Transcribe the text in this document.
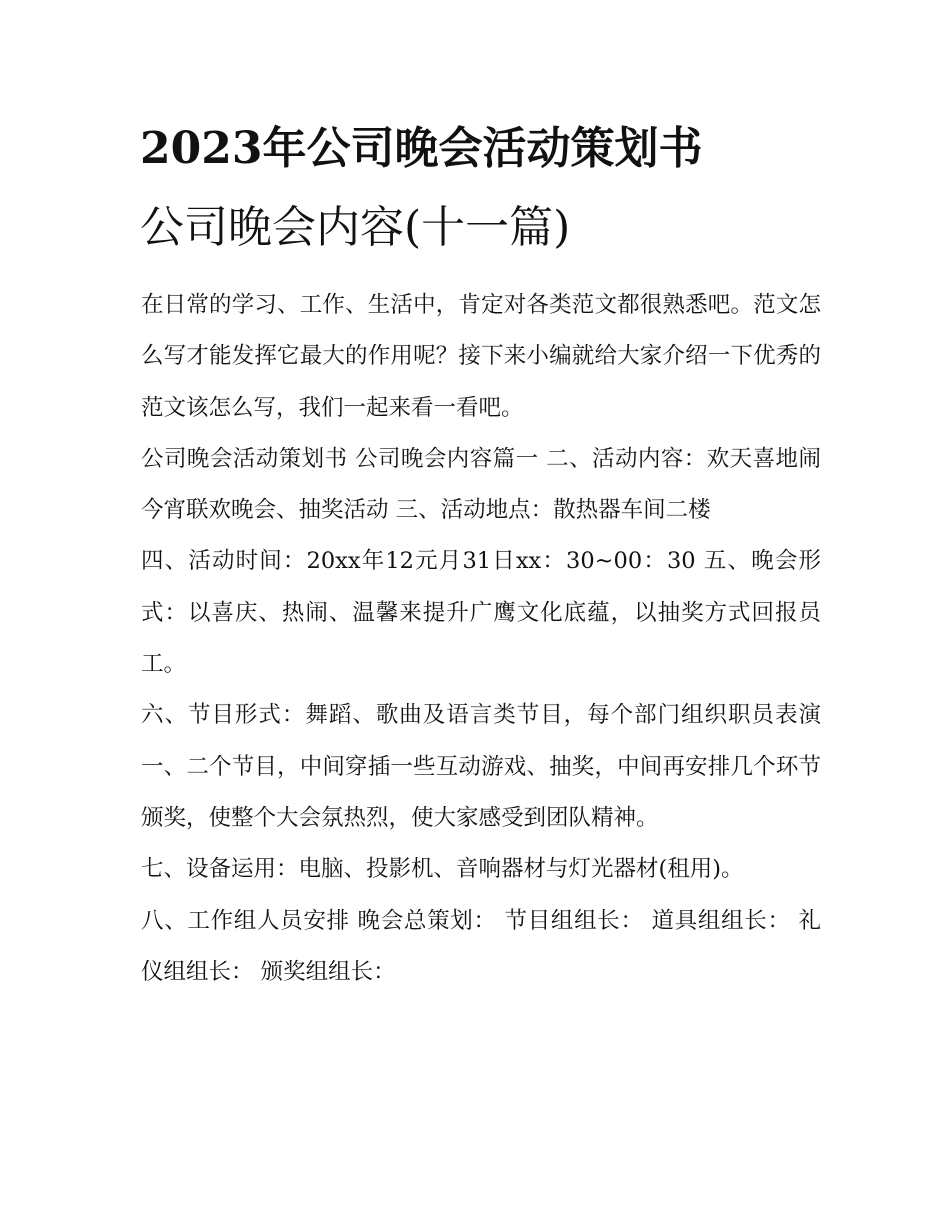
2023年公司晚会活动策划书
公司晚会内容(十一篇)

在日常的学习、工作、生活中，肯定对各类范文都很熟悉吧。范文怎么写才能发挥它最大的作用呢？接下来小编就给大家介绍一下优秀的范文该怎么写，我们一起来看一看吧。

公司晚会活动策划书 公司晚会内容篇一 二、活动内容：欢天喜地闹今宵联欢晚会、抽奖活动 三、活动地点：散热器车间二楼

四、活动时间：20xx年12元月31日xx：30~00：30 五、晚会形式：以喜庆、热闹、温馨来提升广鹰文化底蕴，以抽奖方式回报员工。

六、节目形式：舞蹈、歌曲及语言类节目，每个部门组织职员表演一、二个节目，中间穿插一些互动游戏、抽奖，中间再安排几个环节颁奖，使整个大会氛热烈，使大家感受到团队精神。

七、设备运用：电脑、投影机、音响器材与灯光器材(租用)。

八、工作组人员安排 晚会总策划： 节目组组长： 道具组组长： 礼仪组组长： 颁奖组组长：
